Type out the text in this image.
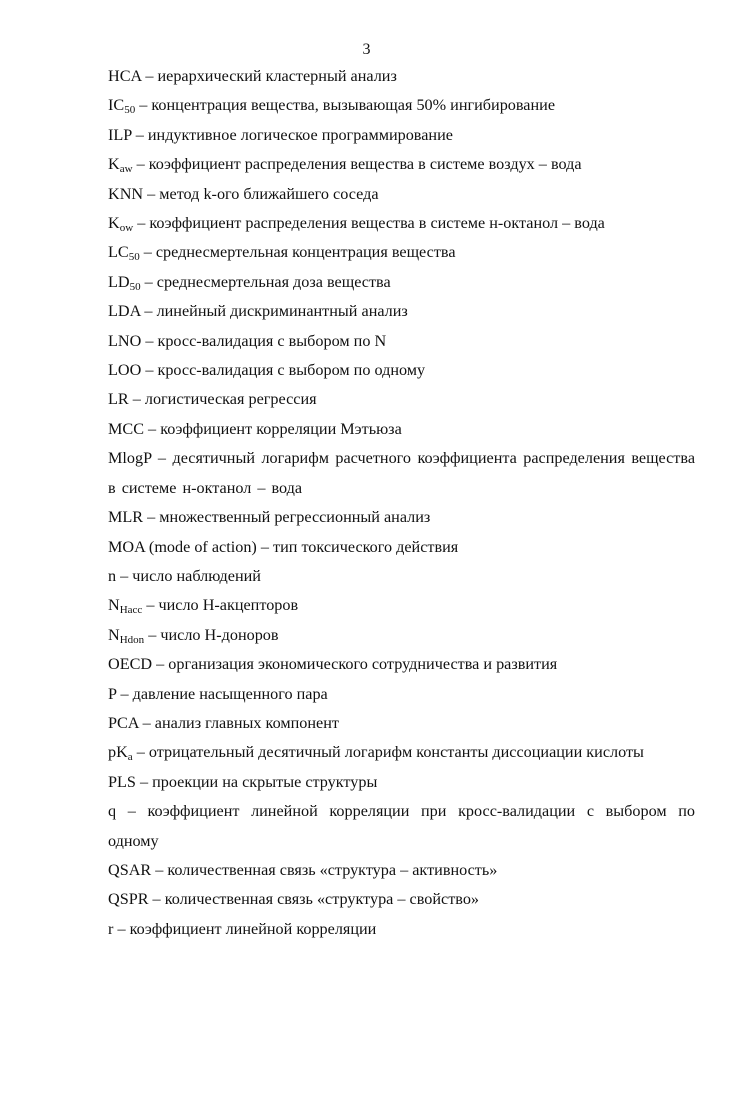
3
HCA – иерархический кластерный анализ
IC50 – концентрация вещества, вызывающая 50% ингибирование
ILP – индуктивное логическое программирование
Kaw – коэффициент распределения вещества в системе воздух – вода
KNN – метод k-ого ближайшего соседа
Kow – коэффициент распределения вещества в системе н-октанол – вода
LC50 – среднесмертельная концентрация вещества
LD50 – среднесмертельная доза вещества
LDA – линейный дискриминантный анализ
LNO – кросс-валидация с выбором по N
LOO – кросс-валидация с выбором по одному
LR – логистическая регрессия
MCC – коэффициент корреляции Мэтьюза
MlogP – десятичный логарифм расчетного коэффициента распределения вещества в системе н-октанол – вода
MLR – множественный регрессионный анализ
MOA (mode of action) – тип токсического действия
n – число наблюдений
NHacc – число H-акцепторов
NHdon – число H-доноров
OECD – организация экономического сотрудничества и развития
P – давление насыщенного пара
PCA – анализ главных компонент
pKa – отрицательный десятичный логарифм константы диссоциации кислоты
PLS – проекции на скрытые структуры
q – коэффициент линейной корреляции при кросс-валидации с выбором по одному
QSAR – количественная связь «структура – активность»
QSPR – количественная связь «структура – свойство»
r – коэффициент линейной корреляции
